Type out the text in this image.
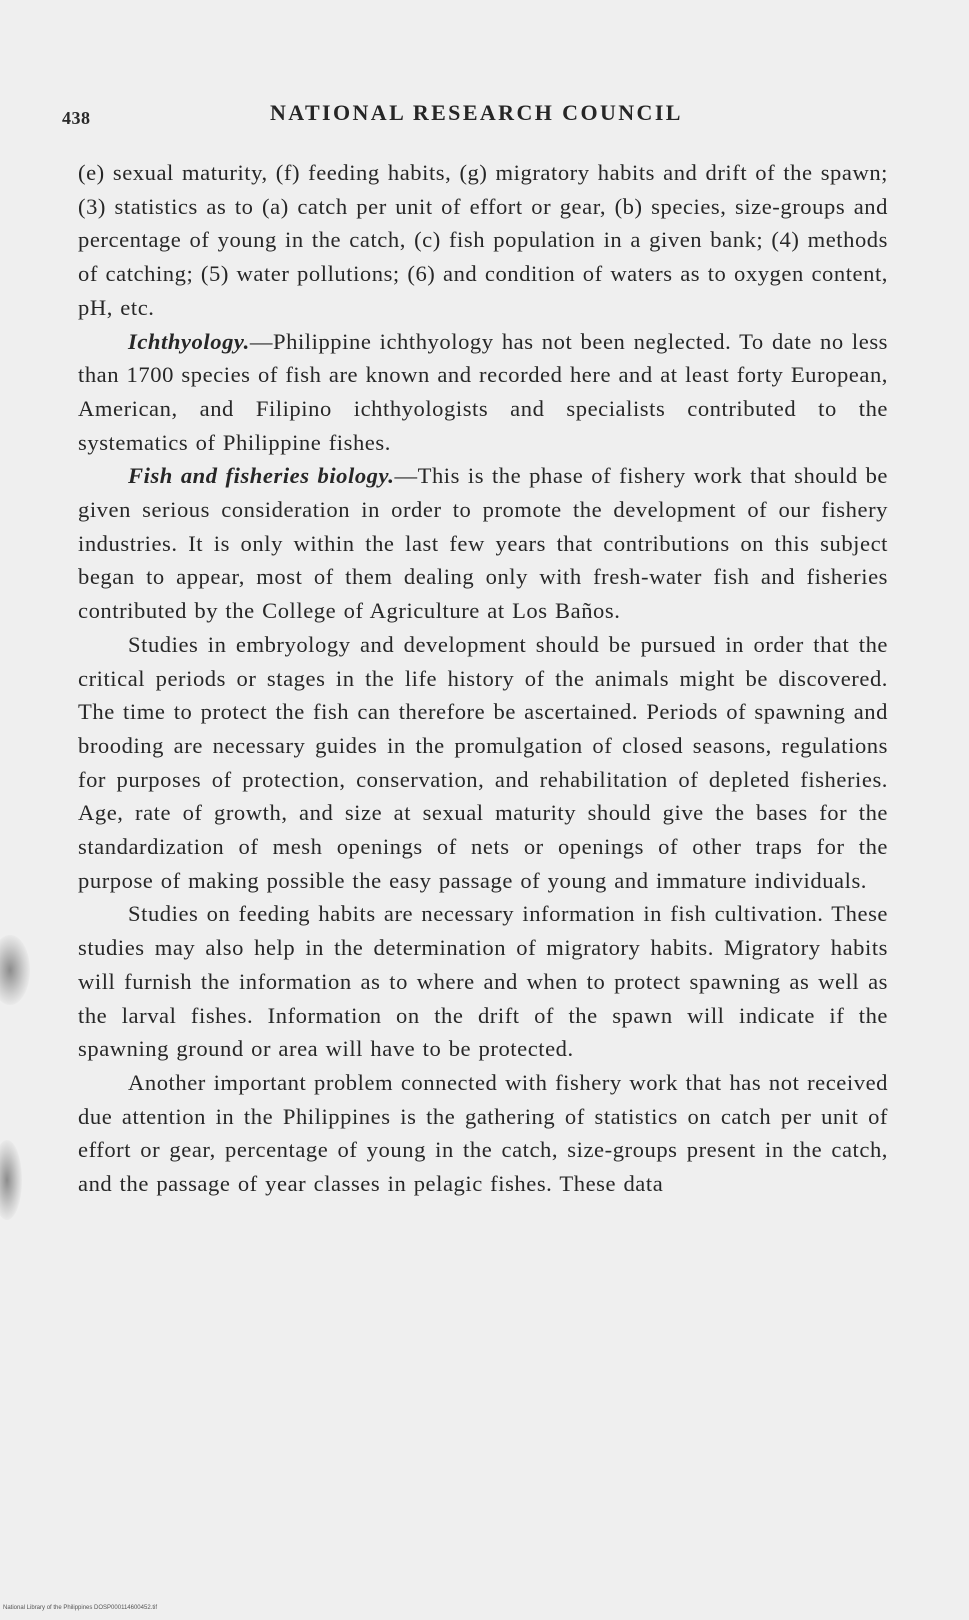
438	NATIONAL RESEARCH COUNCIL

(e) sexual maturity, (f) feeding habits, (g) migratory habits and drift of the spawn; (3) statistics as to (a) catch per unit of effort or gear, (b) species, size-groups and percentage of young in the catch, (c) fish population in a given bank; (4) methods of catching; (5) water pollutions; (6) and condition of waters as to oxygen content, pH, etc.

Ichthyology.—Philippine ichthyology has not been neglected. To date no less than 1700 species of fish are known and recorded here and at least forty European, American, and Filipino ichthyologists and specialists contributed to the systematics of Philippine fishes.

Fish and fisheries biology.—This is the phase of fishery work that should be given serious consideration in order to promote the development of our fishery industries. It is only within the last few years that contributions on this subject began to appear, most of them dealing only with fresh-water fish and fisheries contributed by the College of Agriculture at Los Baños.

Studies in embryology and development should be pursued in order that the critical periods or stages in the life history of the animals might be discovered. The time to protect the fish can therefore be ascertained. Periods of spawning and brooding are necessary guides in the promulgation of closed seasons, regulations for purposes of protection, conservation, and rehabilitation of depleted fisheries. Age, rate of growth, and size at sexual maturity should give the bases for the standardization of mesh openings of nets or openings of other traps for the purpose of making possible the easy passage of young and immature individuals.

Studies on feeding habits are necessary information in fish cultivation. These studies may also help in the determination of migratory habits. Migratory habits will furnish the information as to where and when to protect spawning as well as the larval fishes. Information on the drift of the spawn will indicate if the spawning ground or area will have to be protected.

Another important problem connected with fishery work that has not received due attention in the Philippines is the gathering of statistics on catch per unit of effort or gear, percentage of young in the catch, size-groups present in the catch, and the passage of year classes in pelagic fishes. These data

National Library of the Philippines DOSP000114600452.tif
